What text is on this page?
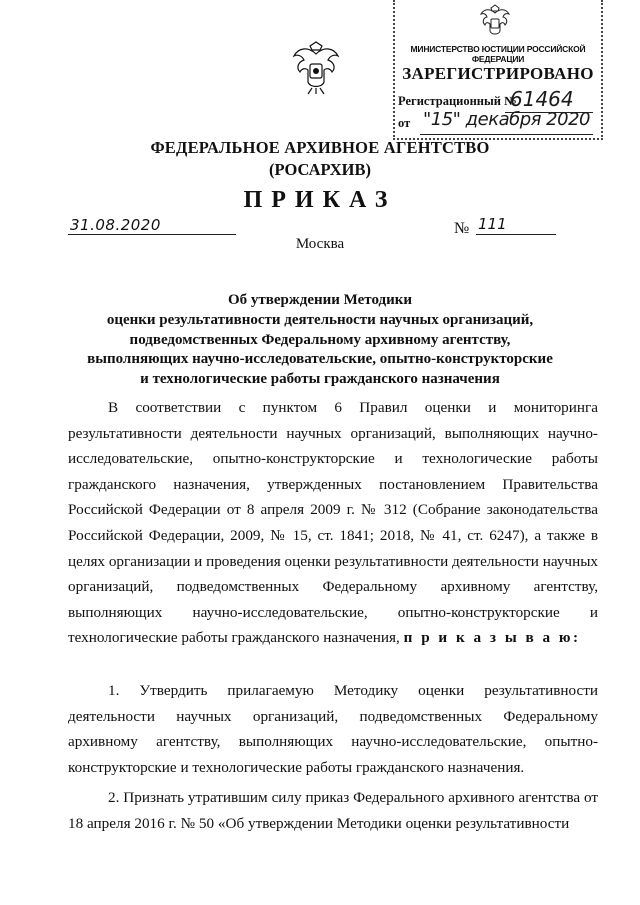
МИНИСТЕРСТВО ЮСТИЦИИ РОССИЙСКОЙ ФЕДЕРАЦИИ
ЗАРЕГИСТРИРОВАНО
Регистрационный №
61464
от "15" декабря 2020
ФЕДЕРАЛЬНОЕ АРХИВНОЕ АГЕНТСТВО
(РОСАРХИВ)
ПРИКАЗ
31.08.2020	№ 111
Москва
Об утверждении Методики
оценки результативности деятельности научных организаций,
подведомственных Федеральному архивному агентству,
выполняющих научно-исследовательские, опытно-конструкторские
и технологические работы гражданского назначения
В соответствии с пунктом 6 Правил оценки и мониторинга результативности деятельности научных организаций, выполняющих научно-исследовательские, опытно-конструкторские и технологические работы гражданского назначения, утвержденных постановлением Правительства Российской Федерации от 8 апреля 2009 г. № 312 (Собрание законодательства Российской Федерации, 2009, № 15, ст. 1841; 2018, № 41, ст. 6247), а также в целях организации и проведения оценки результативности деятельности научных организаций, подведомственных Федеральному архивному агентству, выполняющих научно-исследовательские, опытно-конструкторские и технологические работы гражданского назначения, п р и к а з ы в а ю:
1. Утвердить прилагаемую Методику оценки результативности деятельности научных организаций, подведомственных Федеральному архивному агентству, выполняющих научно-исследовательские, опытно-конструкторские и технологические работы гражданского назначения.
2. Признать утратившим силу приказ Федерального архивного агентства от 18 апреля 2016 г. № 50 «Об утверждении Методики оценки результативности
